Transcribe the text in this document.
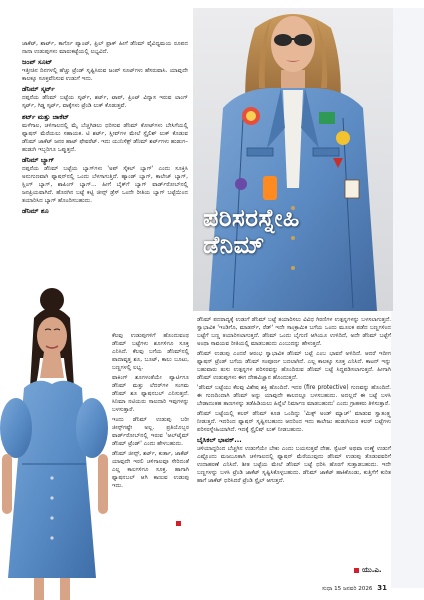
ಜಾಕೆಟ್, ಶಾರ್ಟ್, ಕಾರ್ಗೊ ಪ್ಯಾಂಟ್, ಫ್ರಿಲ್ ಫ್ರಾಕ್ ಹೀಗೆ ಡೆನಿಮ್ ವೈವಿಧ್ಯಮಯ ರೂಪದ ನಾನಾ ಉಡುಪುಗಳು ಮಾರುಕಟ್ಟೆಯಲ್ಲಿ ಲಭ್ಯವಿದೆ.

ಜಂಪ್ ಸೂಟ್

ಇತ್ತೀಚಿನ ದಿನಗಳಲ್ಲಿ ಹೆಚ್ಚು ಟ್ರೆಂಡ್ ಸೃಷ್ಟಿಸಿರುವ ಜಂಪ್ ಸೂಟ್‌ಗಳು ಹೆಸರುವಾಸಿ. ಯಾವುದೇ ಕಾಲಕ್ಕೂ ಸೂಕ್ತವೆನಿಸುವ ಉಡುಗೆ ಇದು.

ಡೆನಿಮ್ ಸ್ಕರ್ಟ್

ದಪ್ಪನೆಯ ಡೆನಿಮ್ ಬಟ್ಟೆಯ ಸ್ಕರ್ಟ್, ಶರ್ಟ್, ಟಾಪ್, ಪ್ರಿಂಟ್ ವಿನ್ಯಾಸ ಇರುವ ಲಾಂಗ್ ಸ್ಕರ್ಟ್, ಗಿಡ್ಡ ಸ್ಕರ್ಟ್, ವಾಕ್ಕೆಗಳು ಟ್ರೆಂಡಿ ಲುಕ್ ಕೊಡುತ್ತವೆ.

ಶರ್ಟ್ ಮತ್ತು ಜಾಕೆಟ್

ಮಳೆಗಾಲ, ಚಳಿಗಾಲದಲ್ಲಿ ಮೈ ಬೆಚ್ಚಗಿಡಲು ಧರಿಸುವ ಡೆನಿಮ್ ಕೋಟ್‌ಗಳು ಬೇಸಿಗೆಯಲ್ಲಿ ಫ್ಯಾಷನ್ ಮೆರೆಯಲು ಸಹಾಯಕ. ಟಿ ಶರ್ಟ್, ಸ್ಲೀವ್‌ಗಳ ಮೇಲೆ ಸ್ಟೈಲಿಶ್ ಲುಕ್ ಕೊಡುವ ಡೆನಿಮ್ ಜಾಕೆಟ್ ಜನರ ಹಾಟ್ ಫೇವರೆಟ್. ಇದು ಯುನಿಸೆಕ್ಸ್ ಡೆನಿಮ್ ಶರ್ಟ್‌ಗಳು ಹುಡುಗ–ಹುಡುಗಿ ಇಬ್ಬರಿಗೂ ಒಪ್ಪುತ್ತದೆ.

ಡೆನಿಮ್ ಬ್ಯಾಗ್

ದಪ್ಪನೆಯ ಡೆನಿಮ್ ಬಟ್ಟೆಯ ಬ್ಯಾಗ್‌ಗಳು 'ಅಪ್ ಸೈಕಲ್ ಬ್ಯಾಗ್' ಎಂದು ಸೂಕ್ತಿಸಿ ಅನುಗುಣವಾಗಿ ಫ್ಯಾಷನ್‌ನಲ್ಲಿ ಒಂದು ಬೆಳಗಾಗುತ್ತಿದೆ. ಹ್ಯಾಂಡ್ ಬ್ಯಾಗ್, ಕಾಲೇಜ್ ಬ್ಯಾಗ್, ಸ್ಲಿಂಗ್ ಬ್ಯಾಗ್, ಶಾಪಿಂಗ್ ಬ್ಯಾಗ್... ಹೀಗೆ ಬೈಕ್‌ಗೆ ಬ್ಯಾಗ್ ವಾರ್ಡ್‌ರೋಬ್‌ನಲ್ಲಿ ಜನಪ್ರಿಯವಾಗಿದೆ. ಹೊರಗಿನ ಬಟ್ಟೆ ಕಟ್ಟಿ ಜೀನ್ಸ್ ಡ್ರೆಸ್ ಒಂದೇ ರೀತಿಯ ಬ್ಯಾಗ್ ಬಟ್ಟೆಯಿಂದ ತಯಾರಿಸಿದ ಬ್ಯಾಗ್ ಹೊಂದಿಸಬಹುದು.

ಡೆನಿಮ್ ಶೂ	ಪರಿಸರಸ್ನೇಹಿ
ಡೆನಿಮ್

ಡೆನಿಮ್ ಪದರಾದ್ಯಕ್ಕೆ ಉಡುಗೆ ಡೆನಿಮ್ ಬಟ್ಟೆ ತಯಾರಿಸಲು ವಿವಿಧ ಗಿರಣಿಗಳ ಉತ್ಪನ್ನಗಳನ್ನು ಬಳಸಲಾಗುತ್ತದೆ. ಸ್ವಾಭಾವಿಕ 'ಇಂಡಿಗೊ, ಮಾಡರ್ನ್, ರೆಡ್' ಇದೇ ಸಾಂಕ್ರಾಮಿಕ ಬಗೆಯ ಒಂದು ಮೂಲಕ ಪಡೆದ ಬಣ್ಣಗಳಿಂದ ಬಟ್ಟೆಗೆ ಬಣ್ಣ ತಯಾರಿಸಲಾಗುತ್ತದೆ. ಡೆನಿಮ್ ಒಂದು ಬೈಗುಣಿ ಆಗಿಯೂ ಉಳಿದಿದೆ, ಅದೇ ಡೆನಿಮ್ ಬಟ್ಟೆಗೆ ಅಂಥಾ ಸಾವಯವ ರೀತಿಯಲ್ಲಿ ಮಾಡಬಹುದು ಎಂಬುದನ್ನು ಹೇಳುತ್ತದೆ.

ಡೆನಿಮ್ ಉಡುಪು ಎಂದರೆ ಆರಂಭ ಸ್ವಾಭಾವಿಕ ಡೆನಿಮ್ ಬಟ್ಟೆ ಎಂಬ ಭಾವನೆ ಅಳಿದಿದೆ. ಆದರೆ ಇದೀಗ ಫ್ಯಾಷನ್ ಟ್ರೆಂಡ್ ಬಗೆಯ ಡೆನಿಮ್ ಸಂಪೂರ್ಣ ಬದಲಾಗಿದೆ. ಎಲ್ಲ ಕಾಲಕ್ಕೂ ಸೂಕ್ತ ಎನಿಸಿದೆ. ಕಾಟನ್ ಇನ್ನು ಬಹುವಾರು ತುಸು ಉತ್ಪನ್ನಗಳ ಪರಿಸರವನ್ನು ಹೊಂದಿರುವ ಡೆನಿಮ್ ಬಟ್ಟೆ ಸಿದ್ಧಪಡಿಸಲಾಗುತ್ತದೆ. ಹೀಗಾಗಿ ಡೆನಿಮ್ ಉಡುಪುಗಳು ಈಗ ದೇಹವಿಜ್ಞಾನ ಹೊಂದುತ್ತದೆ.

'ಡೆನಿಮ್ ಬಟ್ಟೆಯು ಕೆಲವು ವಿಶೇಷ ಶಕ್ತಿ ಹೊಂದಿದೆ. ಇದರ (fire protective) ಗುಣವನ್ನು ಹೊಂದಿದೆ. ಈ ಗುಣದಿಂದಾಗಿ ಡೆನಿಮ್ ಅನ್ನು ಯಾವುದೇ ಕಾಲದಲ್ಲೂ ಬಳಸಬಹುದು. ಅದಲ್ಲದೆ ಈ ಬಟ್ಟೆ ಬಳಸಿ ಬೇಡಾದಂತಹ ತಾಣಗಳನ್ನು ತಡೆಹಿಡಿಯಲು ಹಿನ್ನೆಲೆ ನಿರ್ಮಾಣ ಮಾಡಬಹುದು' ಎಂದು ಗ್ರಾಹಕರು ತಿಳಿಸುತ್ತಾರೆ.

ಡೆನಿಮ್ ಬಟ್ಟೆಯಲ್ಲಿ ಕಲರ್ ಡೆನಿಮ್ ಕೂಡ ಒಂದಿದ್ದು 'ಮಿಕ್ಸ್ ಅಂಡ್ ಮ್ಯಾಚ್' ಮಾಡುವ ಸ್ವಾತಂತ್ರ್ಯ ನೀಡುತ್ತದೆ. ಇದರಿಂದ ಫ್ಯಾಷನ್ ಸೃಷ್ಟಿಸಬಹುದು ಆದರಿಂದ ಇದು ಕಾಲೇಜು ಹುಡುಗಿಯರ ಕಲರ್ ಬಟ್ಟೆಗಳು ಪರಿಸರಸ್ನೇಹಿಯಾಗಿದೆ. ಇದಕ್ಕೆ ಸ್ಟೈಲಿಷ್ ಲುಕ್ ನೀಡಬಹುದು.

ಬೈಸಿಕಲ್ ಭಾವಕ್...

ಚಳಿಯಾದ್ದರಿಂದ ಬೆಚ್ಚಗಿನ ಉಡುಗೆಯೇ ಬೇಕು ಎಂದು ಬಯಸುತ್ತವೆ ದೇಹ. ಸ್ವೆಟರ್ ಅಥವಾ ಉಣ್ಣೆ ಉಡುಗೆ ಎಷ್ಟೊಂದು ಮಜಬೂತಾಗಿ ಚಳಿಗಾಲದಲ್ಲಿ ಫ್ಯಾಷನ್ ಮೆರೆಯುವುದು ಡೆನಿಮ್ ಉಡುಪು ತೊಡುವವರಿಗೆ ಉದಾಹರಣೆ ಎನಿಸಿದೆ. ಶೀತ ಬಟ್ಟೆಯ ಮೇಲೆ ಡೆನಿಮ್ ಬಟ್ಟೆ ಧರಿಸಿ ಹೊರಗೆ ಸುತ್ತಾಡಬಹುದು. ಇದೇ ಬಣ್ಣಗಳನ್ನು ಬಳಸಿ ಟ್ರೆಂಡಿ ಜಾಕೆಟ್ ಸೃಷ್ಟಿಸಿಕೊಳ್ಳಬಹುದು. ಡೆನಿಮ್ ಜಾಕೆಟ್ ಹಾಕಿಕೊಂಡು, ಕುತ್ತಿಗೆಗೆ ಕುರಿತ ಹಾಗೆ ಜಾಕೆಟ್ ಧರಿಸಿದರೆ ಟ್ರೆಂಡಿ ಸ್ಟೈಲ್ ಆಗುತ್ತದೆ.

ಕೆಲವು ಉಡುಪುಗಳಿಗೆ ಹೊಂದುವಂಥ ಡೆನಿಮ್ ಬಟ್ಟೆಗಳು ಶೂಗಳಿಗೂ ಸೂಕ್ತ ಎನಿಸಿದೆ. ಕೆಲವು ಬಗೆಯ ಡೆನಿಮ್‌ನಲ್ಲಿ ಪಾದಾವೃತ್ತ ಶೂ, ಬೂಟ್, ಕಾಲು ಬೂಟು, ಬಣ್ಣಗಳಲ್ಲಿ ಲಭ್ಯ.

ವಾಕಿಂಗ್ ಶೂಗಳಂತೆಯೇ ಪ್ಯಾರ್ಟಿಗೂ ಡೆನಿಮ್ ಮತ್ತು ಲೆದರ್‌ಗಳ ಸಂಗಮ ಡೆನಿಮ್ ಶೂ ಫ್ಯಾಷನಬಲ್ ಎನಿಸುತ್ತದೆ. ಸಿನಿಮಾ ನಟಿಯರು ಸಾಲದಾರಿ ಇವುಗಳನ್ನು ಬಳಸುತ್ತಾರೆ.

ಇಂದು ಡೆನಿಮ್ ಉಡುಪು ಬರೀ ಜೀನ್ಸ್‌ಗಷ್ಟೇ ಅಲ್ಲ. ಪ್ರತಿಯೊಬ್ಬರ ವಾರ್ಡ್‌ರೋಬ್‌ನಲ್ಲಿ ಇರುವ 'ಆಲ್‌ಟೈಮ್ ಡೆನಿಮ್ ಟ್ರೆಂಡ್' ಎಂದು ಹೇಳಬಹುದು.

ಡೆನಿಮ್ ಜೀನ್ಸ್, ಶರ್ಟ್, ಕುರ್ತಾ, ಜಾಕೆಟ್ ಯಾವುದೇ ಇರಲಿ ಚಳಿಗಾಲವೂ ಸೇರಿದಂತೆ ಎಲ್ಲ ಕಾಲಗಳಿಗೂ ಸೂಕ್ತ. ಹಾಗಾಗಿ ಫ್ಯಾಷನಬಲ್ ಆಗಿ ಕಾಣುವ ಉಡುಪು ಇದು.

ಯು.ಎ.
ಸುಧಾ 15 ಜನವರಿ 2026 31
